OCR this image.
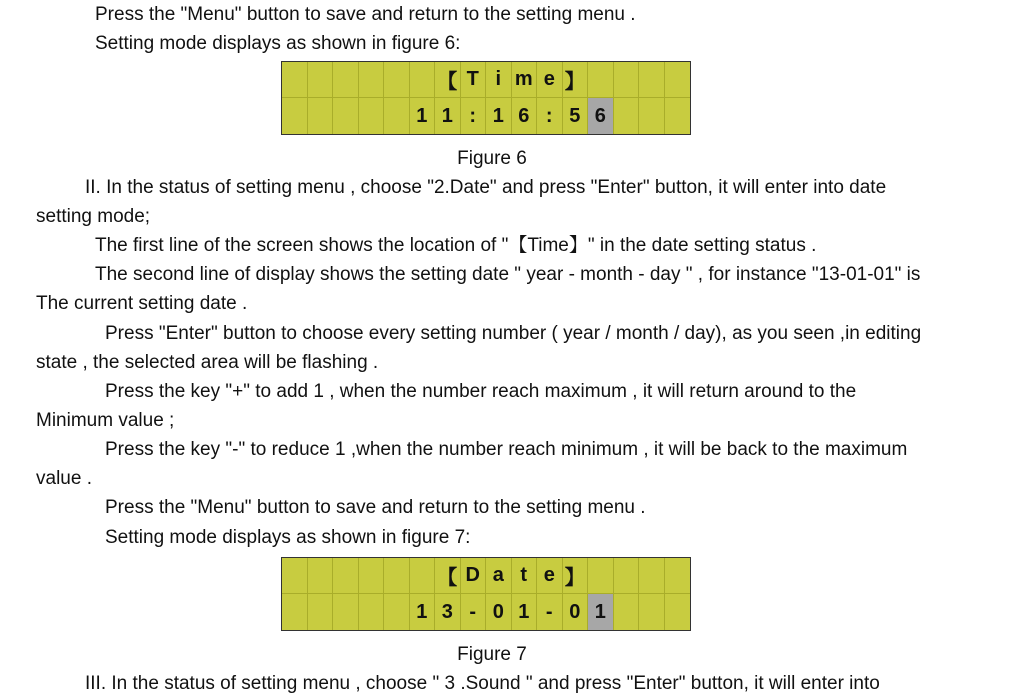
Press the "Menu" button to save and return to the setting menu .
Setting mode displays as shown in figure 6:
【 T i m e 】
1 1 : 1 6 : 5 6
Figure 6
II. In the status of setting menu , choose "2.Date" and press "Enter" button, it will enter into date
setting mode;
The first line of the screen shows the location of "【Time】" in the date setting status .
The second line of display shows the setting date " year - month - day " , for instance "13-01-01" is
The current setting date .
Press "Enter" button to choose every setting number ( year / month / day), as you seen ,in editing
state , the selected area will be flashing .
Press the key "+" to add 1 , when the number reach maximum , it will return around to the
Minimum value ;
Press the key "-" to reduce 1 ,when the number reach minimum , it will be back to the maximum
value .
Press the "Menu" button to save and return to the setting menu .
Setting mode displays as shown in figure 7:
【 D a t e 】
1 3 - 0 1 - 0 1
Figure 7
III. In the status of setting menu , choose " 3 .Sound " and press "Enter" button, it will enter into
